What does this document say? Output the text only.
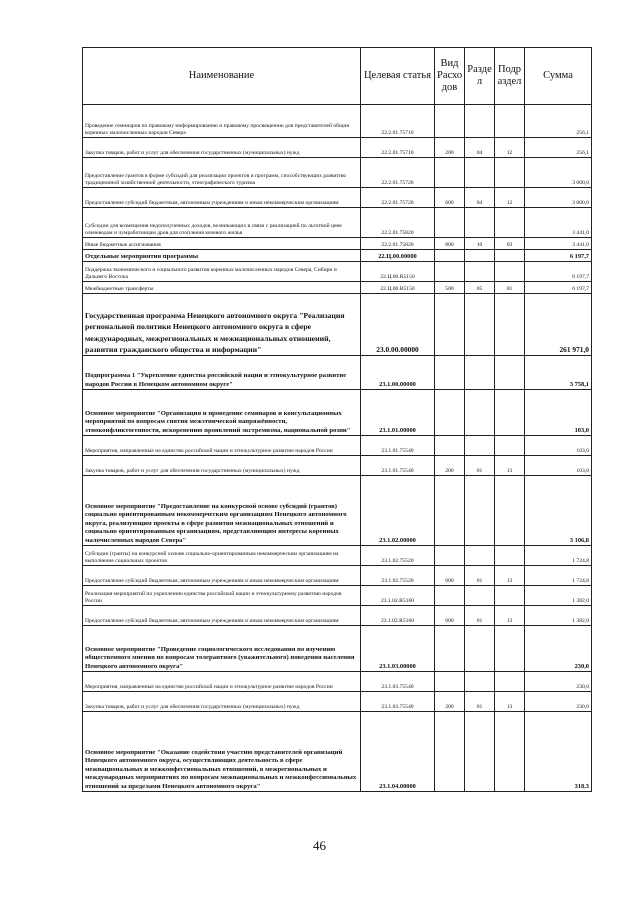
Наименование	Целевая статья	Вид Расхо дов	Разде л	Подр аздел	Сумма
Проведение семинаров по правовому информированию и правовому просвещению для представителей общин коренных малочисленных народов Севера	22.2.01.75710				256,1
Закупка товаров, работ и услуг для обеспечения государственных (муниципальных) нужд	22.2.01.75710	200	04	12	256,1
Предоставление грантов в форме субсидий для реализации проектов и программ, способствующих развитию традиционной хозяйственной деятельности, этнографического туризма	22.2.01.75720				3 000,0
Предоставление субсидий бюджетным, автономным учреждениям и иным некоммерческим организациям	22.2.01.75720	600	04	12	3 000,0
Субсидии для возмещения недополученных доходов, возникающих в связи с реализацией по льготной цене оленеводам и чумработницам дров для отопления кочевого жилья	22.2.01.75820				3 441,0
Иные бюджетные ассигнования	22.2.01.75820	800	10	03	3 441,0
Отдельные мероприятия программы	22.Ц.00.00000				6 197,7
Поддержка экономического и социального развития коренных малочисленных народов Севера, Сибири и Дальнего Востока	22.Ц.00.R5150				6 197,7
Межбюджетные трансферты	22.Ц.00.R5150	500	05	01	6 197,7
Государственная программа Ненецкого автономного округа "Реализация региональной политики Ненецкого автономного округа в сфере международных, межрегиональных и межнациональных отношений, развития гражданского общества и информации"	23.0.00.00000				261 971,0
Подпрограмма 1 "Укрепление единства российской нации и этнокультурное развитие народов России в Ненецком автономном округе"	23.1.00.00000				3 758,1
Основное мероприятие "Организация и проведение семинаров и консультационных мероприятий по вопросам снятия межэтнической напряжённости, этноконфликтогенности, искоренению проявлений экстремизма, национальной розни"	23.1.01.00000				103,0
Мероприятия, направленные на единство российской нации и этнокультурное развитие народов России	23.1.01.75540				103,0
Закупка товаров, работ и услуг для обеспечения государственных (муниципальных) нужд	23.1.01.75540	200	01	13	103,0
Основное мероприятие "Предоставление на конкурсной основе субсидий (грантов) социально ориентированным некоммерческим организациям Ненецкого автономного округа, реализующим проекты в сфере развития межнациональных отношений и социально ориентированным организациям, представляющим интересы коренных малочисленных народов Севера"	23.1.02.00000				3 106,8
Субсидии (гранты) на конкурсной основе социально-ориентированным некоммерческим организациям на выполнение социальных проектов	23.1.02.75520				1 724,8
Предоставление субсидий бюджетным, автономным учреждениям и иным некоммерческим организациям	23.1.02.75520	600	01	13	1 724,8
Реализация мероприятий по укреплению единства российской нации и этнокультурному развитию народов России	23.1.02.R5160				1 382,0
Предоставление субсидий бюджетным, автономным учреждениям и иным некоммерческим организациям	23.1.02.R5160	600	01	13	1 382,0
Основное мероприятие "Проведение социологического исследования по изучению общественного мнения по вопросам толерантного (уважительного) поведения населения Ненецкого автономного округа"	23.1.03.00000				230,0
Мероприятия, направленные на единство российской нации и этнокультурное развитие народов России	23.1.03.75540				230,0
Закупка товаров, работ и услуг для обеспечения государственных (муниципальных) нужд	23.1.03.75540	200	01	13	230,0
Основное мероприятие "Оказание содействия участию представителей организаций Ненецкого автономного округа, осуществляющих деятельность в сфере межнациональных и межконфессиональных отношений, в межрегиональных и международных мероприятиях по вопросам межнациональных и межконфессиональных отношений за пределами Ненецкого автономного округа"	23.1.04.00000				318,3
46
